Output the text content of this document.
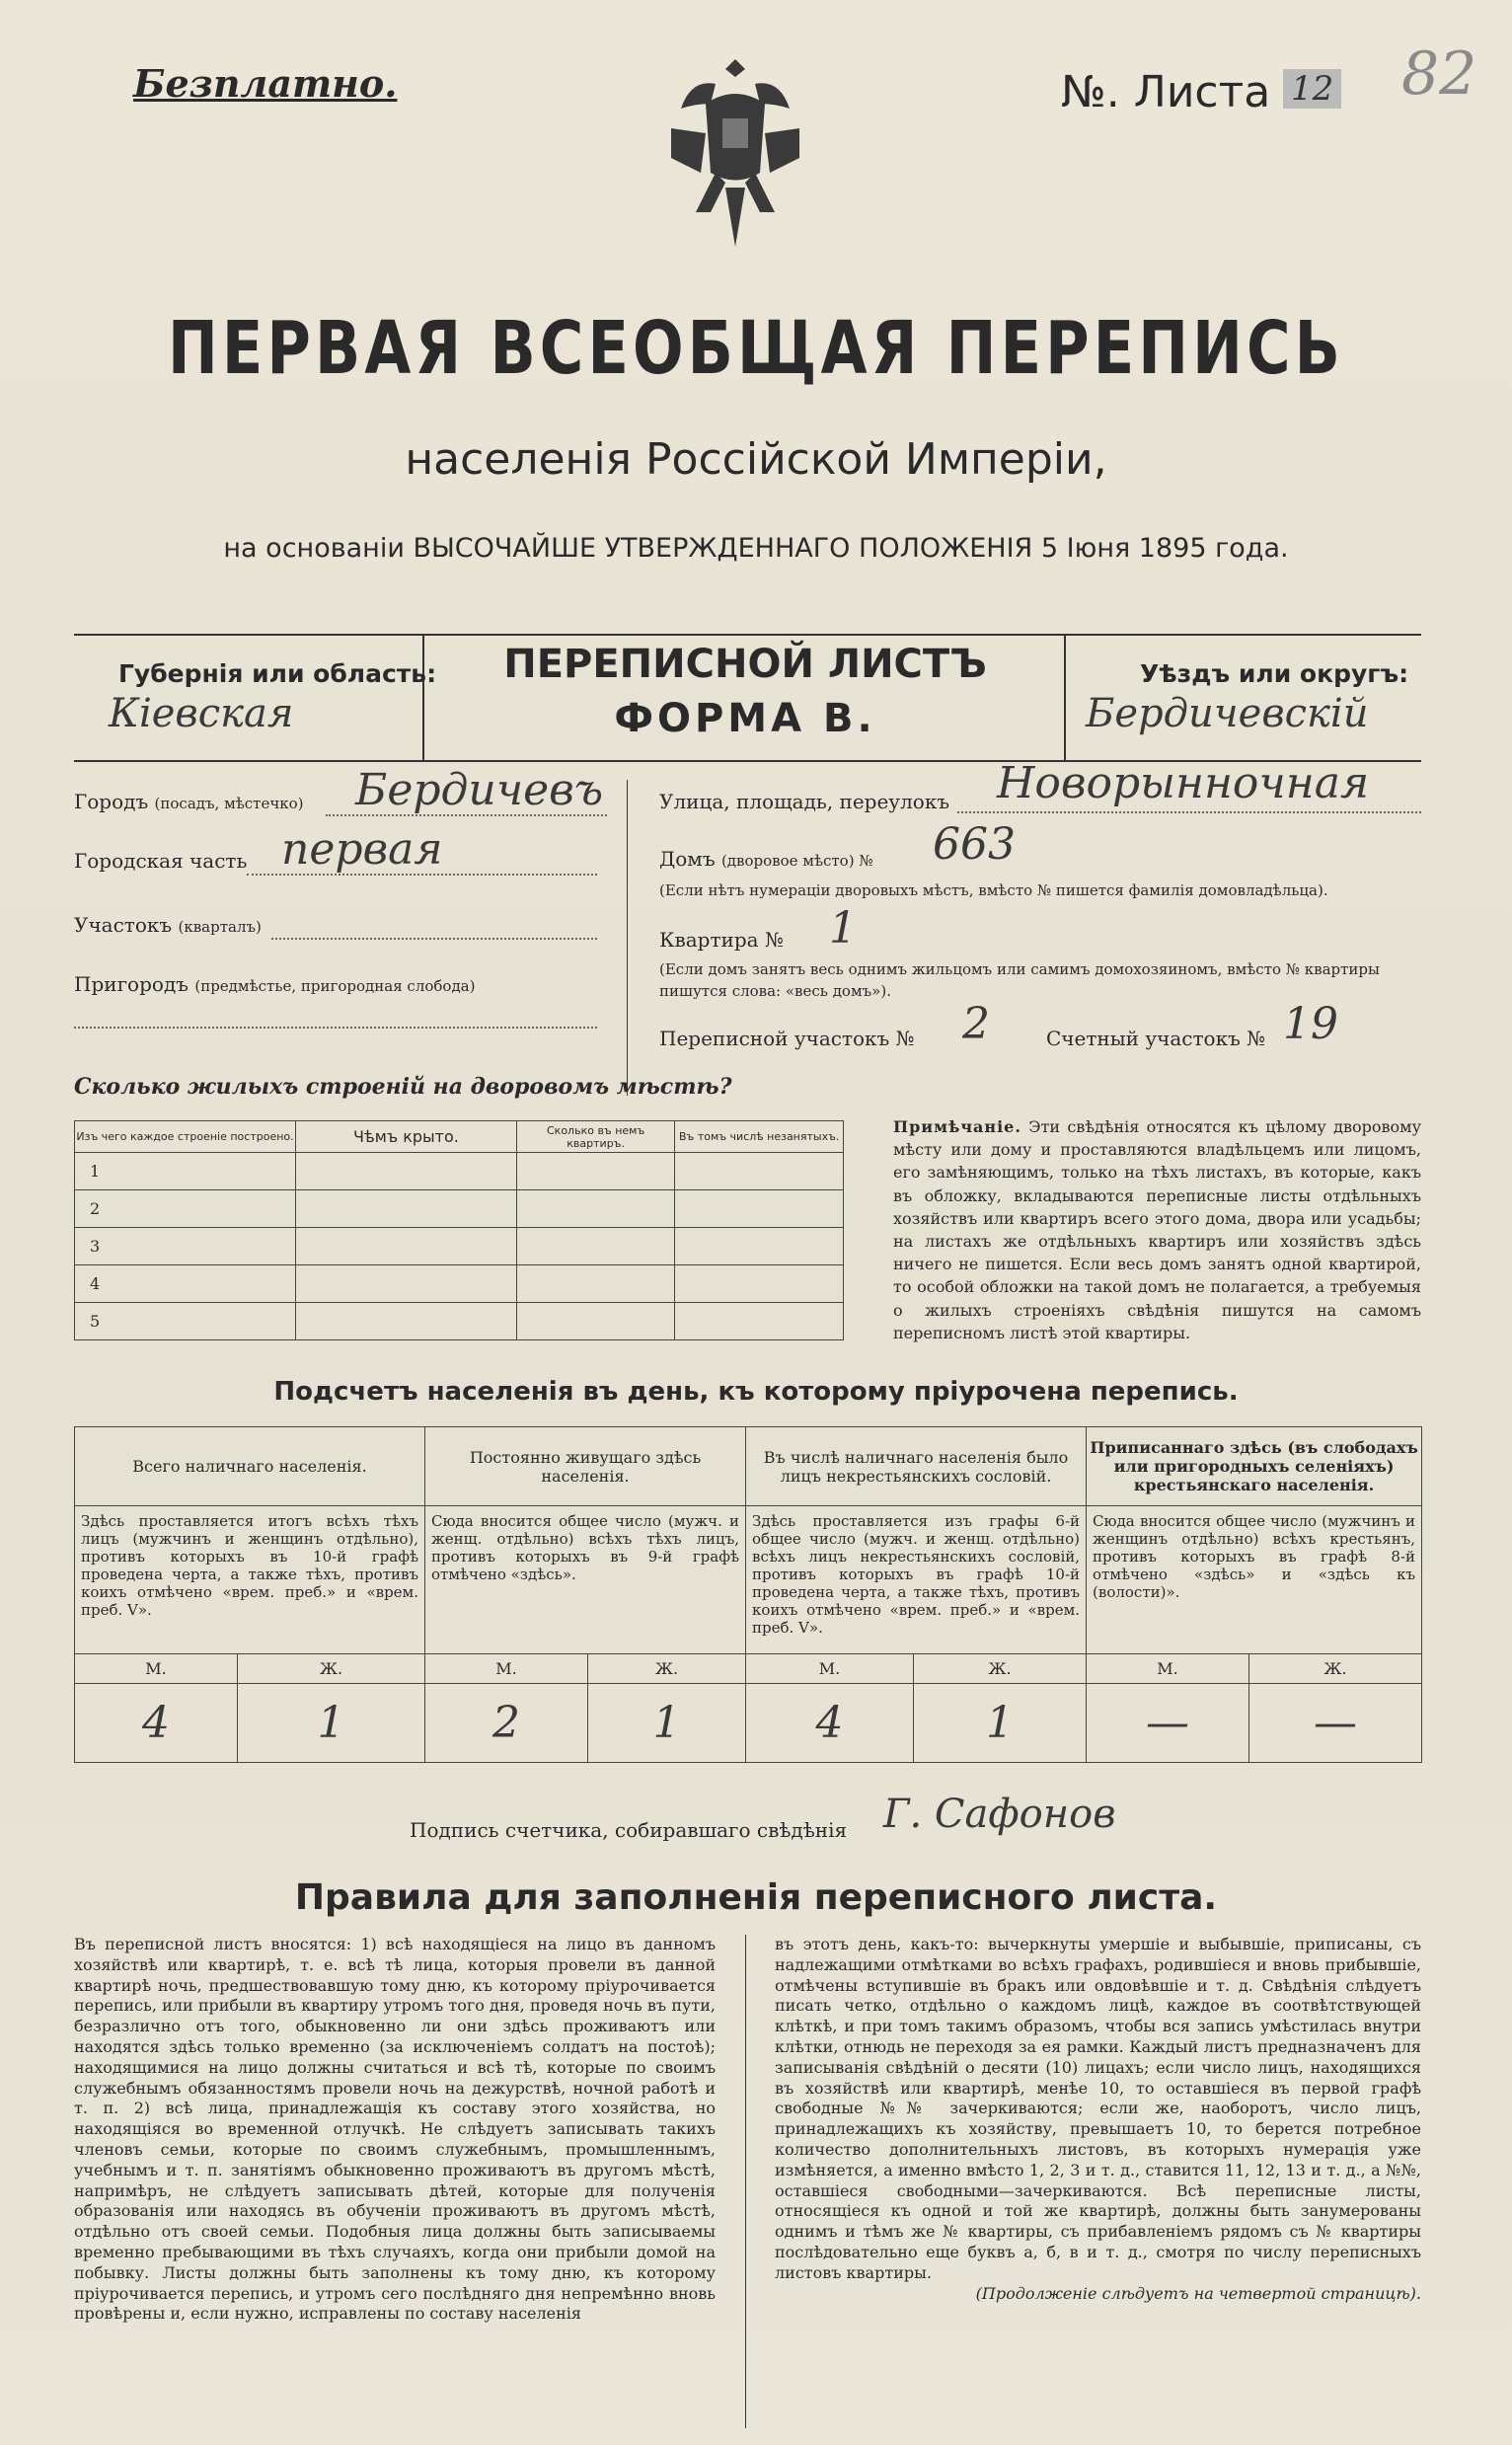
Безплатно.	№. Листа 12 82
ПЕРВАЯ ВСЕОБЩАЯ ПЕРЕПИСЬ
населенія Россійской Имперіи,
на основаніи ВЫСОЧАЙШЕ УТВЕРЖДЕННАГО ПОЛОЖЕНІЯ 5 Іюня 1895 года.
Губернія или область:
Кіевская
ПЕРЕПИСНОЙ ЛИСТЪ
ФОРМА В.
Уѣздъ или округъ:
Бердичевскій
Городъ (посадъ, мѣстечко) Бердичевъ
Городская часть первая
Участокъ (кварталъ)
Пригородъ (предмѣстье, пригородная слобода)
Улица, площадь, переулокъ Новорынночная
Домъ (дворовое мѣсто) № 663
(Если нѣтъ нумераціи дворовыхъ мѣстъ, вмѣсто № пишется фамилія домовладѣльца).
Квартира № 1
(Если домъ занятъ весь однимъ жильцомъ или самимъ домохозяиномъ, вмѣсто № квартиры пишутся слова: «весь домъ»).
Переписной участокъ № 2	Счетный участокъ № 19
Сколько жилыхъ строеній на дворовомъ мѣстѣ?
Изъ чего каждое строеніе построено.	Чѣмъ крыто.	Сколько въ немъ квартиръ.	Въ томъ числѣ незанятыхъ.
1			
2			
3			
4			
5			
Примѣчаніе. Эти свѣдѣнія относятся къ цѣлому дворовому мѣсту или дому и проставляются владѣльцемъ или лицомъ, его замѣняющимъ, только на тѣхъ листахъ, въ которые, какъ въ обложку, вкладываются переписные листы отдѣльныхъ хозяйствъ или квартиръ всего этого дома, двора или усадьбы; на листахъ же отдѣльныхъ квартиръ или хозяйствъ здѣсь ничего не пишется. Если весь домъ занятъ одной квартирой, то особой обложки на такой домъ не полагается, а требуемыя о жилыхъ строеніяхъ свѣдѣнія пишутся на самомъ переписномъ листѣ этой квартиры.
Подсчетъ населенія въ день, къ которому пріурочена перепись.
Всего наличнаго населенія.		Постоянно живущаго здѣсь населенія.		Въ числѣ наличнаго населенія было лицъ некрестьянскихъ сословій.		Приписаннаго здѣсь (въ слободахъ или пригородныхъ селеніяхъ) крестьянскаго населенія.	
Здѣсь проставляется итогъ всѣхъ тѣхъ лицъ (мужчинъ и женщинъ отдѣльно), противъ которыхъ въ 10-й графѣ проведена черта, а также тѣхъ, противъ коихъ отмѣчено «врем. преб.» и «врем. преб. V».		Сюда вносится общее число (мужч. и женщ. отдѣльно) всѣхъ тѣхъ лицъ, противъ которыхъ въ 9-й графѣ отмѣчено «здѣсь».		Здѣсь проставляется изъ графы 6-й общее число (мужч. и женщ. отдѣльно) всѣхъ лицъ некрестьянскихъ сословій, противъ которыхъ въ графѣ 10-й проведена черта, а также тѣхъ, противъ коихъ отмѣчено «врем. преб.» и «врем. преб. V».		Сюда вносится общее число (мужчинъ и женщинъ отдѣльно) всѣхъ крестьянъ, противъ которыхъ въ графѣ 8-й отмѣчено «здѣсь» и «здѣсь къ (волости)».	
М.	Ж.	М.	Ж.	М.	Ж.	М.	Ж.
4	1	2	1	4	1	—	—
Подпись счетчика, собиравшаго свѣдѣнія Г. Сафонов
Правила для заполненія переписного листа.
Въ переписной листъ вносятся: 1) всѣ находящіеся на лицо въ данномъ хозяйствѣ или квартирѣ, т. е. всѣ тѣ лица, которыя провели въ данной квартирѣ ночь, предшествовавшую тому дню, къ которому пріурочивается перепись, или прибыли въ квартиру утромъ того дня, проведя ночь въ пути, безразлично отъ того, обыкновенно ли они здѣсь проживаютъ или находятся здѣсь только временно (за исключеніемъ солдатъ на постоѣ); находящимися на лицо должны считаться и всѣ тѣ, которые по своимъ служебнымъ обязанностямъ провели ночь на дежурствѣ, ночной работѣ и т. п. 2) всѣ лица, принадлежащія къ составу этого хозяйства, но находящіяся во временной отлучкѣ. Не слѣдуетъ записывать такихъ членовъ семьи, которые по своимъ служебнымъ, промышленнымъ, учебнымъ и т. п. занятіямъ обыкновенно проживаютъ въ другомъ мѣстѣ, напримѣръ, не слѣдуетъ записывать дѣтей, которые для полученія образованія или находясь въ обученіи проживаютъ въ другомъ мѣстѣ, отдѣльно отъ своей семьи. Подобныя лица должны быть записываемы временно пребывающими въ тѣхъ случаяхъ, когда они прибыли домой на побывку. Листы должны быть заполнены къ тому дню, къ которому пріурочивается перепись, и утромъ сего послѣдняго дня непремѣнно вновь провѣрены и, если нужно, исправлены по составу населенія
въ этотъ день, какъ-то: вычеркнуты умершіе и выбывшіе, приписаны, съ надлежащими отмѣтками во всѣхъ графахъ, родившіеся и вновь прибывшіе, отмѣчены вступившіе въ бракъ или овдовѣвшіе и т. д. Свѣдѣнія слѣдуетъ писать четко, отдѣльно о каждомъ лицѣ, каждое въ соотвѣтствующей клѣткѣ, и при томъ такимъ образомъ, чтобы вся запись умѣстилась внутри клѣтки, отнюдь не переходя за ея рамки. Каждый листъ предназначенъ для записыванія свѣдѣній о десяти (10) лицахъ; если число лицъ, находящихся въ хозяйствѣ или квартирѣ, менѣе 10, то оставшіеся въ первой графѣ свободные №№ зачеркиваются; если же, наоборотъ, число лицъ, принадлежащихъ къ хозяйству, превышаетъ 10, то берется потребное количество дополнительныхъ листовъ, въ которыхъ нумерація уже измѣняется, а именно вмѣсто 1, 2, 3 и т. д., ставится 11, 12, 13 и т. д., а №№, оставшіеся свободными—зачеркиваются. Всѣ переписные листы, относящіеся къ одной и той же квартирѣ, должны быть занумерованы однимъ и тѣмъ же № квартиры, съ прибавленіемъ рядомъ съ № квартиры послѣдовательно еще буквъ а, б, в и т. д., смотря по числу переписныхъ листовъ квартиры.

(Продолженіе слѣдуетъ на четвертой страницѣ).
